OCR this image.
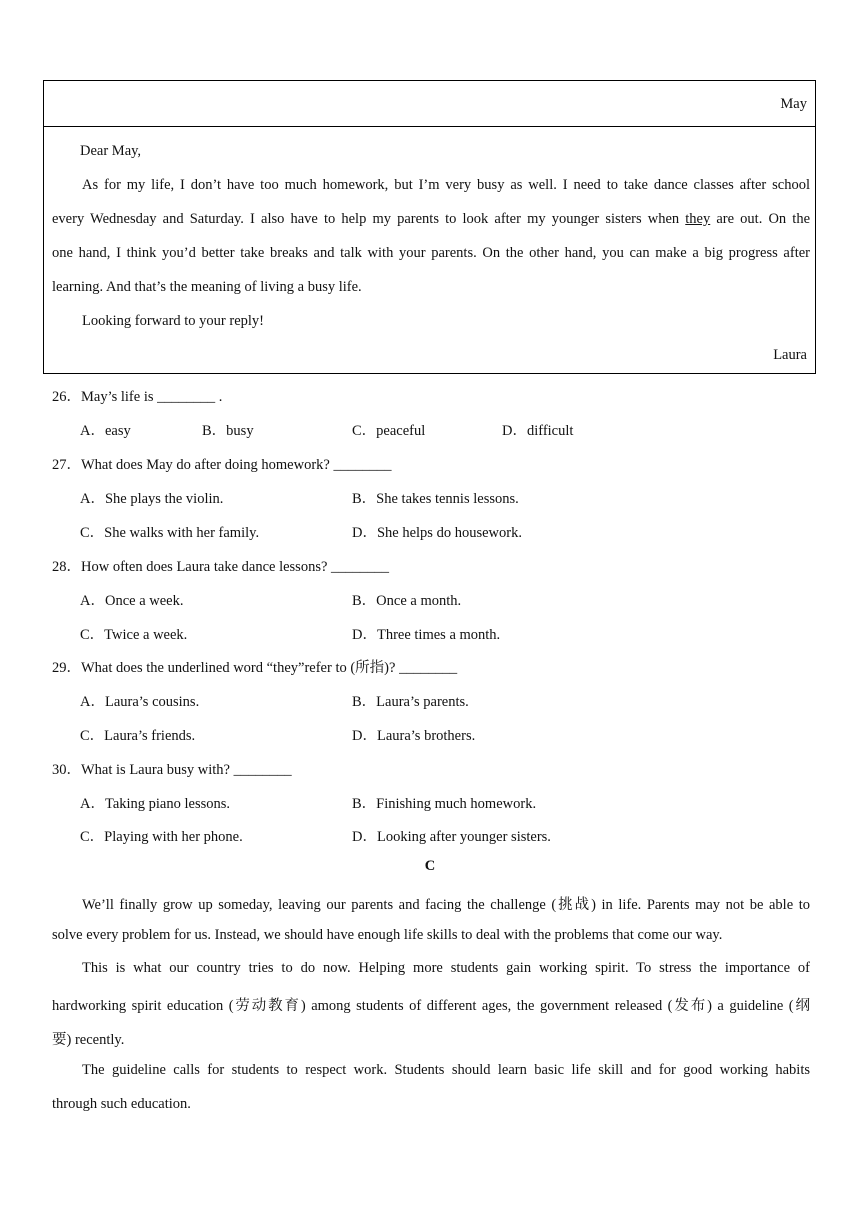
May
Dear May,
As for my life, I don’t have too much homework, but I’m very busy as well. I need to take dance classes after school
every Wednesday and Saturday. I also have to help my parents to look after my younger sisters when they are out. On the
one hand, I think you’d better take breaks and talk with your parents. On the other hand, you can make a big progress after
learning. And that’s the meaning of living a busy life.
Looking forward to your reply!
Laura
26．May’s life is ________ .
A．easy	B．busy	C．peaceful	D．difficult
27．What does May do after doing homework? ________
A．She plays the violin.	B．She takes tennis lessons.
C．She walks with her family.	D．She helps do housework.
28．How often does Laura take dance lessons? ________
A．Once a week.	B．Once a month.
C．Twice a week.	D．Three times a month.
29．What does the underlined word “they”refer to (所指)? ________
A．Laura’s cousins.	B．Laura’s parents.
C．Laura’s friends.	D．Laura’s brothers.
30．What is Laura busy with? ________
A．Taking piano lessons.	B．Finishing much homework.
C．Playing with her phone.	D．Looking after younger sisters.
C
We’ll finally grow up someday, leaving our parents and facing the challenge (挑战) in life. Parents may not be able to
solve every problem for us. Instead, we should have enough life skills to deal with the problems that come our way.
This is what our country tries to do now. Helping more students gain working spirit. To stress the importance of
hardworking spirit education (劳动教育) among students of different ages, the government released (发布) a guideline (纲
要) recently.
The guideline calls for students to respect work. Students should learn basic life skill and for good working habits
through such education.
